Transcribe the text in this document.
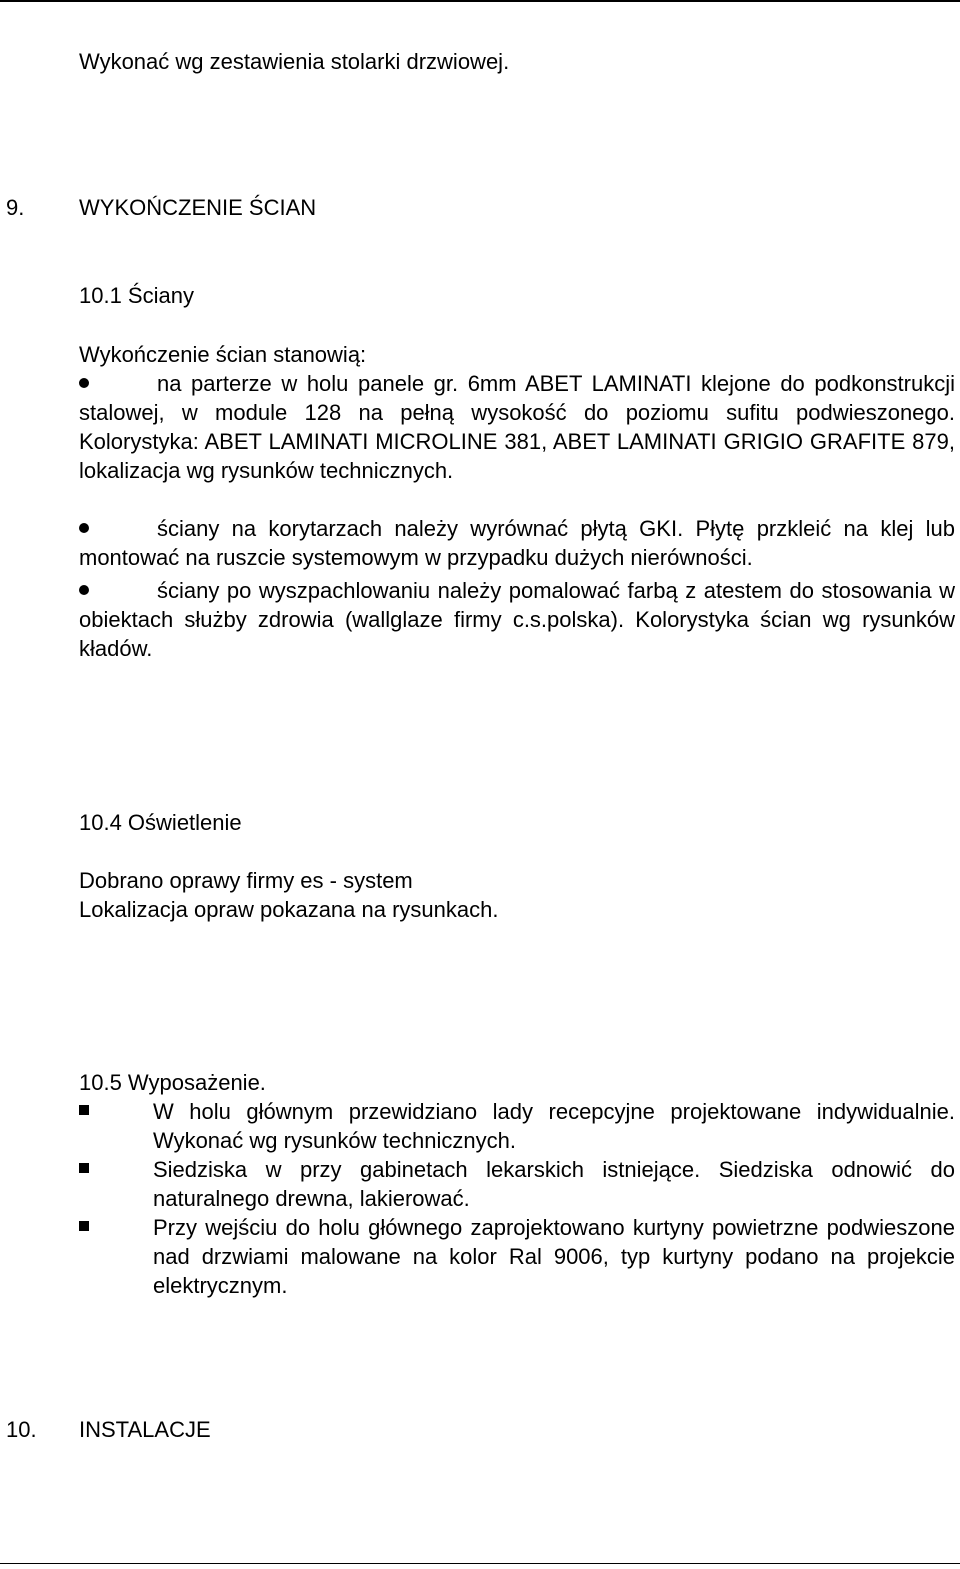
Wykonać wg zestawienia stolarki drzwiowej.
9. WYKOŃCZENIE ŚCIAN
10.1 Ściany
Wykończenie ścian stanowią:
na parterze w holu panele gr. 6mm ABET LAMINATI klejone do podkonstrukcji stalowej, w module 128 na pełną wysokość do poziomu sufitu podwieszonego. Kolorystyka: ABET LAMINATI MICROLINE 381, ABET LAMINATI GRIGIO GRAFITE 879, lokalizacja wg rysunków technicznych.
ściany na korytarzach należy wyrównać płytą GKI. Płytę przkleić na klej lub montować na ruszcie systemowym w przypadku dużych nierówności.
ściany po wyszpachlowaniu należy pomalować farbą z atestem do stosowania w obiektach służby zdrowia (wallglaze firmy c.s.polska). Kolorystyka ścian wg rysunków kładów.
10.4 Oświetlenie
Dobrano oprawy firmy es - system
Lokalizacja opraw pokazana na rysunkach.
10.5 Wyposażenie.
W holu głównym przewidziano lady recepcyjne projektowane indywidualnie. Wykonać wg rysunków technicznych.
Siedziska w przy gabinetach lekarskich istniejące. Siedziska odnowić do naturalnego drewna, lakierować.
Przy wejściu do holu głównego zaprojektowano kurtyny powietrzne podwieszone nad drzwiami malowane na kolor Ral 9006, typ kurtyny podano na projekcie elektrycznym.
10. INSTALACJE
